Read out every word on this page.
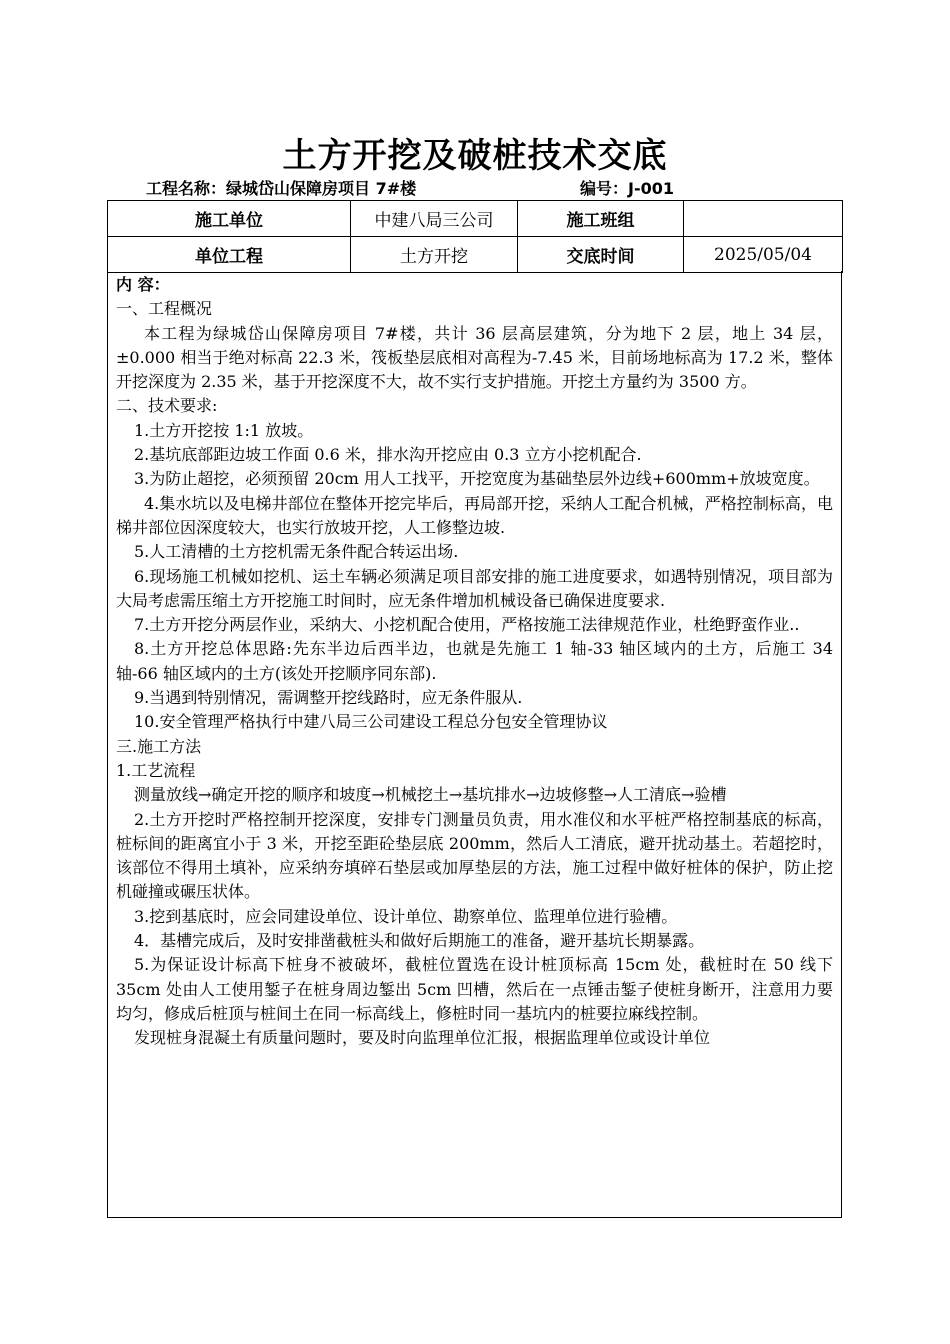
土方开挖及破桩技术交底
工程名称：绿城岱山保障房项目 7#楼	编号：J-001
施工单位	中建八局三公司	施工班组	
单位工程	土方开挖	交底时间	2025/05/04

内 容：

一、工程概况

本工程为绿城岱山保障房项目 7#楼，共计 36 层高层建筑，分为地下 2 层，地上 34 层，±0.000 相当于绝对标高 22.3 米，筏板垫层底相对高程为-7.45 米，目前场地标高为 17.2 米，整体开挖深度为 2.35 米，基于开挖深度不大，故不实行支护措施。开挖土方量约为 3500 方。

二、技术要求:

1.土方开挖按 1:1 放坡。

2.基坑底部距边坡工作面 0.6 米，排水沟开挖应由 0.3 立方小挖机配合.

3.为防止超挖，必须预留 20cm 用人工找平，开挖宽度为基础垫层外边线+600mm+放坡宽度。

4.集水坑以及电梯井部位在整体开挖完毕后，再局部开挖，采纳人工配合机械，严格控制标高，电梯井部位因深度较大，也实行放坡开挖，人工修整边坡.

5.人工清槽的土方挖机需无条件配合转运出场.

6.现场施工机械如挖机、运土车辆必须满足项目部安排的施工进度要求，如遇特别情况，项目部为大局考虑需压缩土方开挖施工时间时，应无条件增加机械设备已确保进度要求.

7.土方开挖分两层作业，采纳大、小挖机配合使用，严格按施工法律规范作业，杜绝野蛮作业..

8.土方开挖总体思路:先东半边后西半边，也就是先施工 1 轴-33 轴区域内的土方，后施工 34 轴-66 轴区域内的土方(该处开挖顺序同东部).

9.当遇到特别情况，需调整开挖线路时，应无条件服从.

10.安全管理严格执行中建八局三公司建设工程总分包安全管理协议

三.施工方法

1.工艺流程

测量放线→确定开挖的顺序和坡度→机械挖土→基坑排水→边坡修整→人工清底→验槽

2.土方开挖时严格控制开挖深度，安排专门测量员负责，用水准仪和水平桩严格控制基底的标高，桩标间的距离宜小于 3 米，开挖至距砼垫层底 200mm，然后人工清底，避开扰动基土。若超挖时，该部位不得用土填补，应采纳夯填碎石垫层或加厚垫层的方法，施工过程中做好桩体的保护，防止挖机碰撞或碾压状体。

3.挖到基底时，应会同建设单位、设计单位、勘察单位、监理单位进行验槽。

4．基槽完成后，及时安排凿截桩头和做好后期施工的准备，避开基坑长期暴露。

5.为保证设计标高下桩身不被破坏，截桩位置选在设计桩顶标高 15cm 处，截桩时在 50 线下 35cm 处由人工使用錾子在桩身周边錾出 5cm 凹槽，然后在一点锤击錾子使桩身断开，注意用力要均匀，修成后桩顶与桩间土在同一标高线上，修桩时同一基坑内的桩要拉麻线控制。

发现桩身混凝土有质量问题时，要及时向监理单位汇报，根据监理单位或设计单位
